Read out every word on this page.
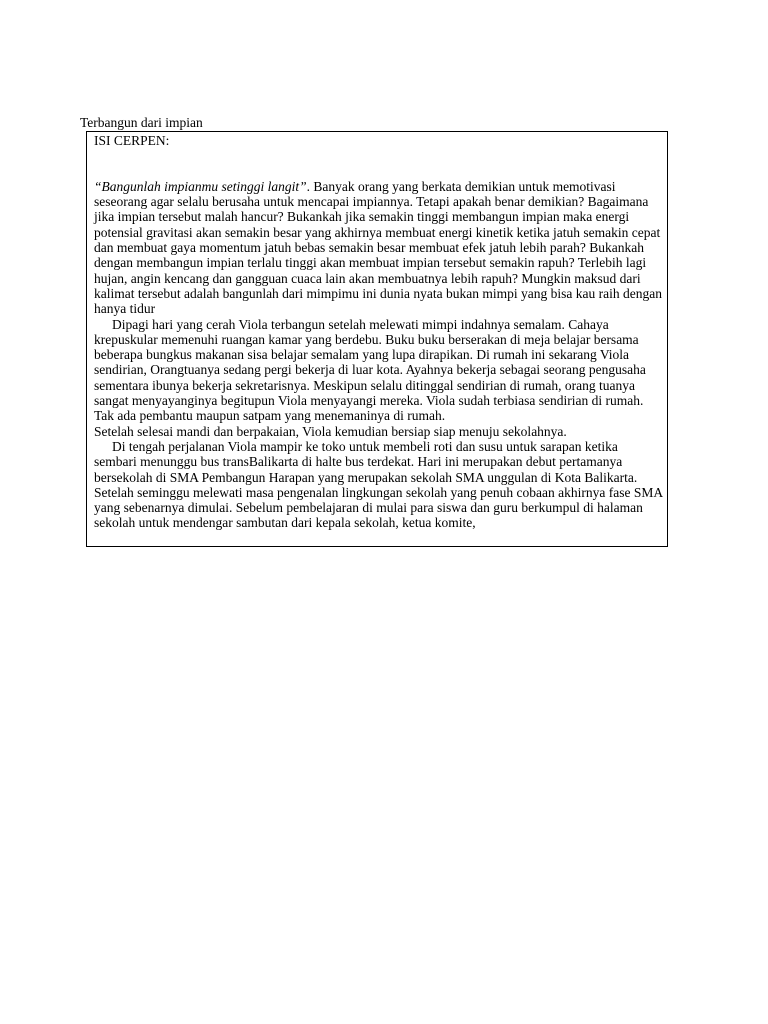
Terbangun dari impian

ISI CERPEN:

“Bangunlah impianmu setinggi langit”. Banyak orang yang berkata demikian untuk memotivasi seseorang agar selalu berusaha untuk mencapai impiannya. Tetapi apakah benar demikian? Bagaimana jika impian tersebut malah hancur? Bukankah jika semakin tinggi membangun impian maka energi potensial gravitasi akan semakin besar yang akhirnya membuat energi kinetik ketika jatuh semakin cepat dan membuat gaya momentum jatuh bebas semakin besar membuat efek jatuh lebih parah? Bukankah dengan membangun impian terlalu tinggi akan membuat impian tersebut semakin rapuh? Terlebih lagi hujan, angin kencang dan gangguan cuaca lain akan membuatnya lebih rapuh? Mungkin maksud dari kalimat tersebut adalah bangunlah dari mimpimu ini dunia nyata bukan mimpi yang bisa kau raih dengan hanya tidur

Dipagi hari yang cerah Viola terbangun setelah melewati mimpi indahnya semalam. Cahaya krepuskular memenuhi ruangan kamar yang berdebu. Buku buku berserakan di meja belajar bersama beberapa bungkus makanan sisa belajar semalam yang lupa dirapikan. Di rumah ini sekarang Viola sendirian, Orangtuanya sedang pergi bekerja di luar kota. Ayahnya bekerja sebagai seorang pengusaha sementara ibunya bekerja sekretarisnya. Meskipun selalu ditinggal sendirian di rumah, orang tuanya sangat menyayanginya begitupun Viola menyayangi mereka. Viola sudah terbiasa sendirian di rumah. Tak ada pembantu maupun satpam yang menemaninya di rumah.

Setelah selesai mandi dan berpakaian, Viola kemudian bersiap siap menuju sekolahnya.

Di tengah perjalanan Viola mampir ke toko untuk membeli roti dan susu untuk sarapan ketika sembari menunggu bus transBalikarta di halte bus terdekat. Hari ini merupakan debut pertamanya bersekolah di SMA Pembangun Harapan yang merupakan sekolah SMA unggulan di Kota Balikarta. Setelah seminggu melewati masa pengenalan lingkungan sekolah yang penuh cobaan akhirnya fase SMA yang sebenarnya dimulai. Sebelum pembelajaran di mulai para siswa dan guru berkumpul di halaman sekolah untuk mendengar sambutan dari kepala sekolah, ketua komite,
